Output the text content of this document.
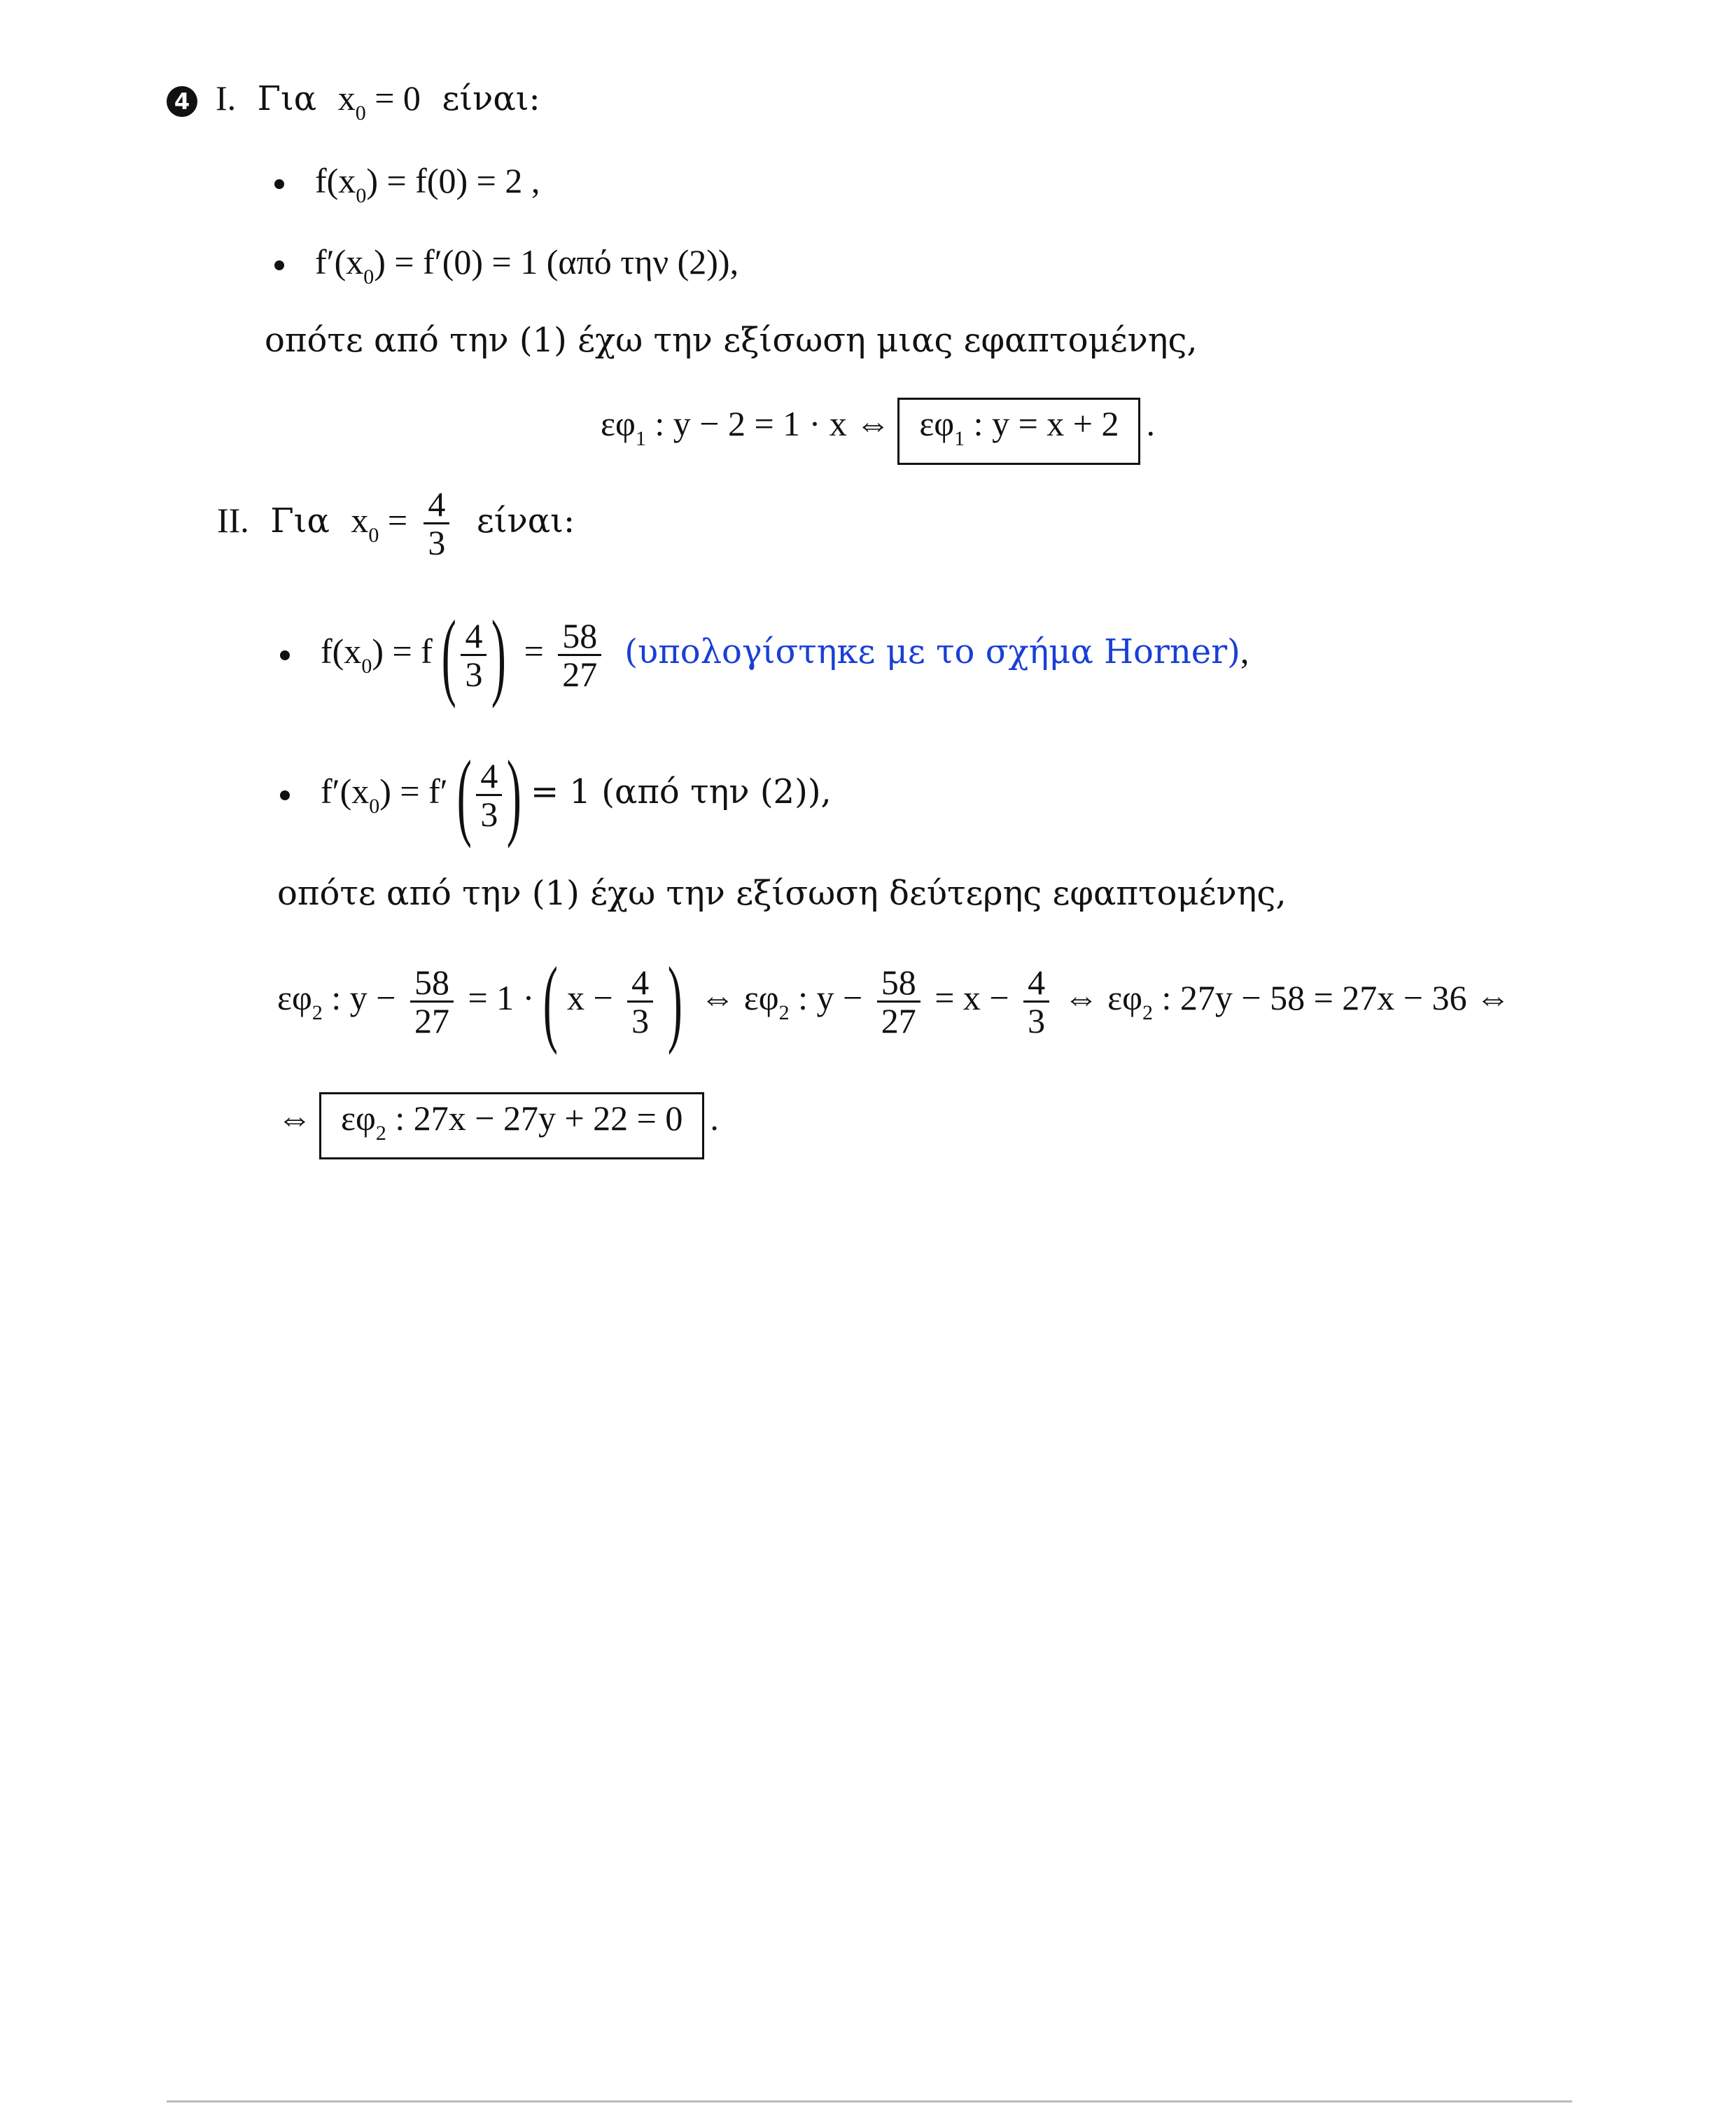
4 I. Για $x_0 = 0$ είναι:
$f(x_0) = f(0) = 2$ ,
$f'(x_0) = f'(0) = 1$ (από την (2)),
οπότε από την (1) έχω την εξίσωση μιας εφαπτομένης,
$\varepsilon\varphi_1$ : y − 2 = 1 · x ⇔ $\varepsilon\varphi_1$ : y = x + 2 .
II. Για $x_0 = \frac{4}{3} \varepsilon ί\nu\alpha\iota$:
$f(x_0) = f( \frac{4}{3}$ ) = $\frac{58}{27} (\upsilon\pi o\lambda o\gamma ί\sigma\tau\eta\kappa\varepsilon$ με το σχήμα Horner),
$f'(x_0) = f'( \frac{4}{3}$ ) = 1 (από την (2)),
οπότε από την (1) έχω την εξίσωση δεύτερης εφαπτομένης,
$\varepsilon\varphi_2$ : $y - \frac{58}{27} = 1$ ·( $x - \frac{4}{3}$ ) ⇔ $\varepsilon\varphi_2$ : $y - \frac{58}{27} = x - \frac{4}{3}$ ⇔ $\varepsilon\varphi_2$ : 27y − 58 = 27x − 36 ⇔
⇔ $\varepsilon\varphi_2$ : 27x − 27y + 22 = 0 .
